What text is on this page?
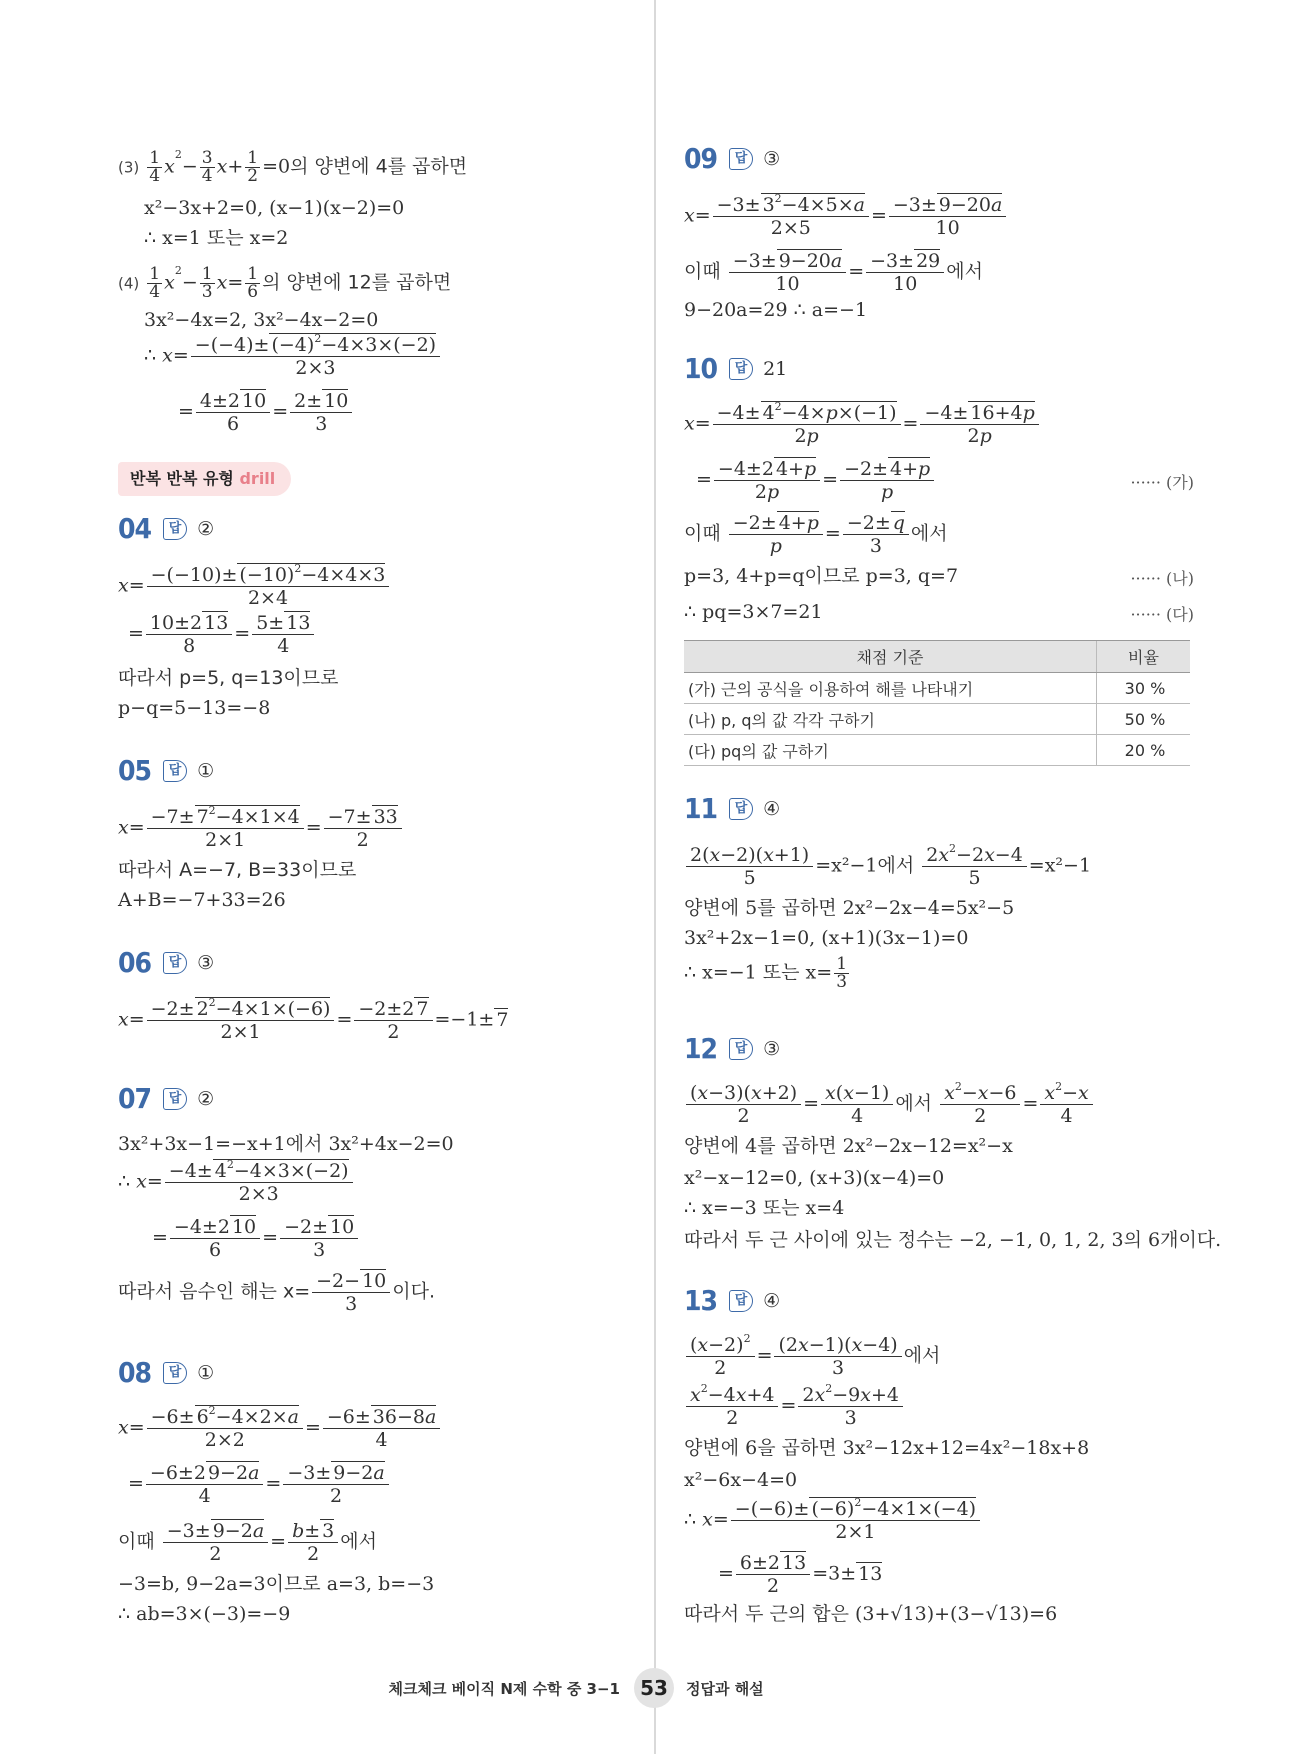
$(3) \frac{1}{4} x^2- \frac{3}{4} x+ \frac{1}{2} =0$의 양변에 4를 곱하면
x²−3x+2=0, (x−1)(x−2)=0
∴ x=1 또는 x=2
$(4) \frac{1}{4} x^2- \frac{1}{3} x= \frac{1}{6}$ 의 양변에 12를 곱하면
3x²−4x=2, 3x²−4x−2=0
∴ $x= \frac{-(-4)\pm (-4)^2-4\times 3\times(-2)}{2\times 3}$
= $\frac{4\pm 2 10}{6} = \frac{2\pm 10}{3}$
반복 반복 유형 drill
04	답 ②
$x= \frac{-(-10)\pm (-10)^2-4\times 4\times 3}{2\times 4}$
= $\frac{10\pm 2 13}{8} = \frac{5\pm 13}{4}$
따라서 p=5, q=13이므로
p−q=5−13=−8
05	답 ①
$x= \frac{-7\pm 7^2-4\times 1\times 4}{2\times 1} = \frac{-7\pm 33}{2}$
따라서 A=−7, B=33이므로
A+B=−7+33=26
06	답 ③
$x= \frac{-2\pm 2^2-4\times 1\times(-6)}{2\times 1} = \frac{-2\pm 2 7}{2} =-1\pm 7$
07	답 ②
3x²+3x−1=−x+1에서 3x²+4x−2=0
∴ $x= \frac{-4\pm 4^2-4\times 3\times(-2)}{2\times 3}$
= $\frac{-4\pm 2 10}{6} = \frac{-2\pm 10}{3}$
따라서 음수인 해는 $x= \frac{-2- 10}{3}$ 이다.
08	답 ①
$x= \frac{-6\pm 6^2-4\times 2\times a}{2\times 2} = \frac{-6\pm 36-8a}{4}$
= $\frac{-6\pm 2 9-2a}{4} = \frac{-3\pm 9-2a}{2}$
이때 $\frac{-3\pm 9-2a}{2} = \frac{b\pm 3}{2}$ 에서
−3=b, 9−2a=3이므로 a=3, b=−3
∴ ab=3×(−3)=−9
09	답 ③
$x= \frac{-3\pm 3^2-4\times 5\times a}{2\times 5} = \frac{-3\pm 9-20a}{10}$
이때 $\frac{-3\pm 9-20a}{10} = \frac{-3\pm 29}{10}$ 에서
9−20a=29 ∴ a=−1
10	답 21
$x= \frac{-4\pm 4^2-4\times p\times(-1)}{2p} = \frac{-4\pm 16+4p}{2p}$
= $\frac{-4\pm 2 4+p}{2p} = \frac{-2\pm 4+p}{p}$	······ (가)
이때 $\frac{-2\pm 4+p}{p} = \frac{-2\pm q}{3}$ 에서
p=3, 4+p=q이므로 p=3, q=7	······ (나)
∴ pq=3×7=21	······ (다)
채점 기준	비율
(가) 근의 공식을 이용하여 해를 나타내기	30 %
(나) p, q의 값 각각 구하기	50 %
(다) pq의 값 구하기	20 %
11	답 ④
$\frac{2(x-2)(x+1)}{5} =x^2-1$에서 $\frac{2x^2-2x-4}{5} =x^2-1$
양변에 5를 곱하면 2x²−2x−4=5x²−5
3x²+2x−1=0, (x+1)(3x−1)=0
∴ x=−1 또는 $x= \frac{1}{3}$
12	답 ③
$\frac{(x-3)(x+2)}{2} = \frac{x(x-1)}{4}$ 에서 $\frac{x^2-x-6}{2} = \frac{x^2-x}{4}$
양변에 4를 곱하면 2x²−2x−12=x²−x
x²−x−12=0, (x+3)(x−4)=0
∴ x=−3 또는 x=4
따라서 두 근 사이에 있는 정수는 −2, −1, 0, 1, 2, 3의 6개이다.
13	답 ④
$\frac{(x-2)^2}{2} = \frac{(2x-1)(x-4)}{3}$ 에서
$\frac{x^2-4x+4}{2} = \frac{2x^2-9x+4}{3}$
양변에 6을 곱하면 3x²−12x+12=4x²−18x+8
x²−6x−4=0
∴ $x= \frac{-(-6)\pm (-6)^2-4\times 1\times(-4)}{2\times 1}$
= $\frac{6\pm 2 13}{2} =3\pm 13$
따라서 두 근의 합은 (3+√13)+(3−√13)=6
체크체크 베이직 N제 수학 중 3−1	53	정답과 해설
